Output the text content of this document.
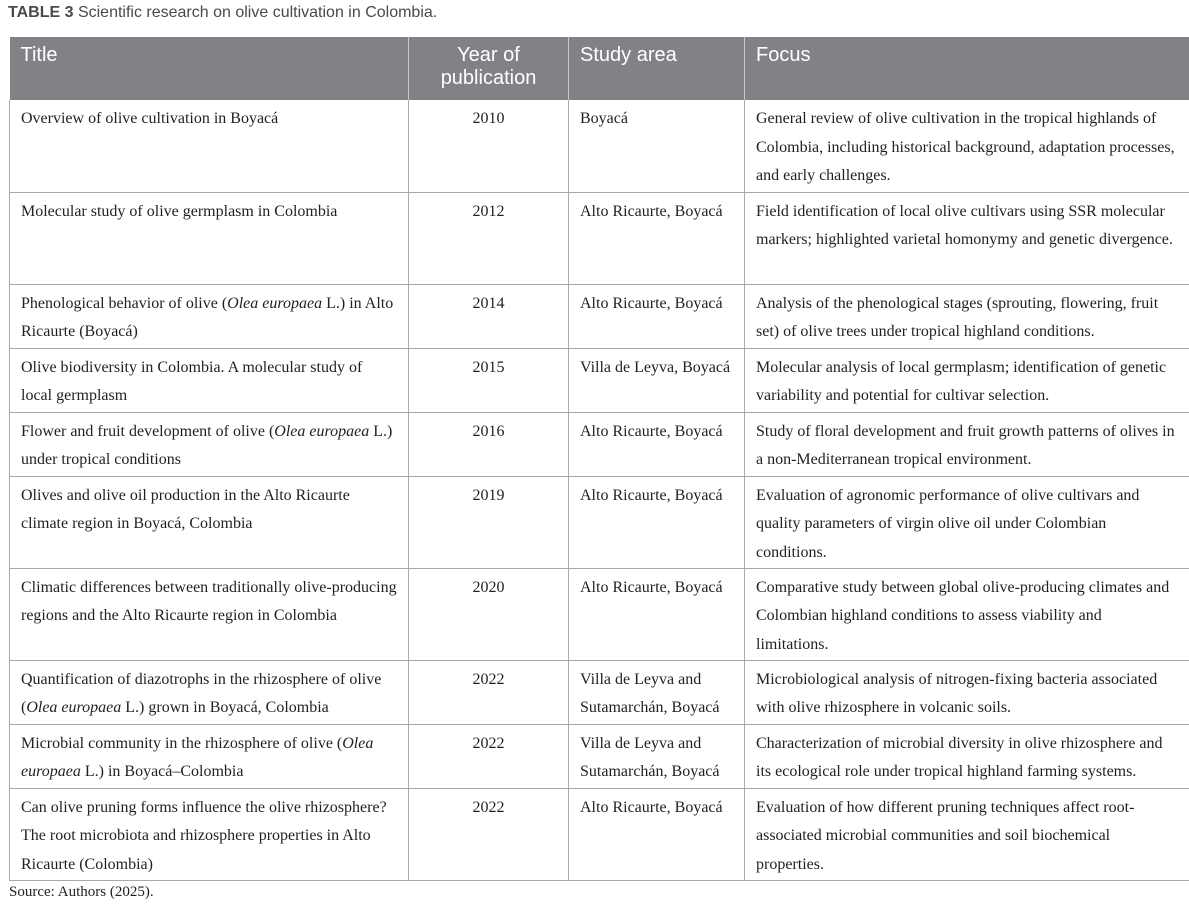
TABLE 3 Scientific research on olive cultivation in Colombia.
Title	Year of publication	Study area	Focus
Overview of olive cultivation in Boyacá	2010	Boyacá	General review of olive cultivation in the tropical highlands of Colombia, including historical background, adaptation processes, and early challenges.
Molecular study of olive germplasm in Colombia	2012	Alto Ricaurte, Boyacá	Field identification of local olive cultivars using SSR molecular markers; highlighted varietal homonymy and genetic divergence.
Phenological behavior of olive (Olea europaea L.) in Alto Ricaurte (Boyacá)	2014	Alto Ricaurte, Boyacá	Analysis of the phenological stages (sprouting, flowering, fruit set) of olive trees under tropical highland conditions.
Olive biodiversity in Colombia. A molecular study of local germplasm	2015	Villa de Leyva, Boyacá	Molecular analysis of local germplasm; identification of genetic variability and potential for cultivar selection.
Flower and fruit development of olive (Olea europaea L.) under tropical conditions	2016	Alto Ricaurte, Boyacá	Study of floral development and fruit growth patterns of olives in a non-Mediterranean tropical environment.
Olives and olive oil production in the Alto Ricaurte climate region in Boyacá, Colombia	2019	Alto Ricaurte, Boyacá	Evaluation of agronomic performance of olive cultivars and quality parameters of virgin olive oil under Colombian conditions.
Climatic differences between traditionally olive-producing regions and the Alto Ricaurte region in Colombia	2020	Alto Ricaurte, Boyacá	Comparative study between global olive-producing climates and Colombian highland conditions to assess viability and limitations.
Quantification of diazotrophs in the rhizosphere of olive (Olea europaea L.) grown in Boyacá, Colombia	2022	Villa de Leyva and Sutamarchán, Boyacá	Microbiological analysis of nitrogen-fixing bacteria associated with olive rhizosphere in volcanic soils.
Microbial community in the rhizosphere of olive (Olea europaea L.) in Boyacá–Colombia	2022	Villa de Leyva and Sutamarchán, Boyacá	Characterization of microbial diversity in olive rhizosphere and its ecological role under tropical highland farming systems.
Can olive pruning forms influence the olive rhizosphere? The root microbiota and rhizosphere properties in Alto Ricaurte (Colombia)	2022	Alto Ricaurte, Boyacá	Evaluation of how different pruning techniques affect root-associated microbial communities and soil biochemical properties.
Source: Authors (2025).
